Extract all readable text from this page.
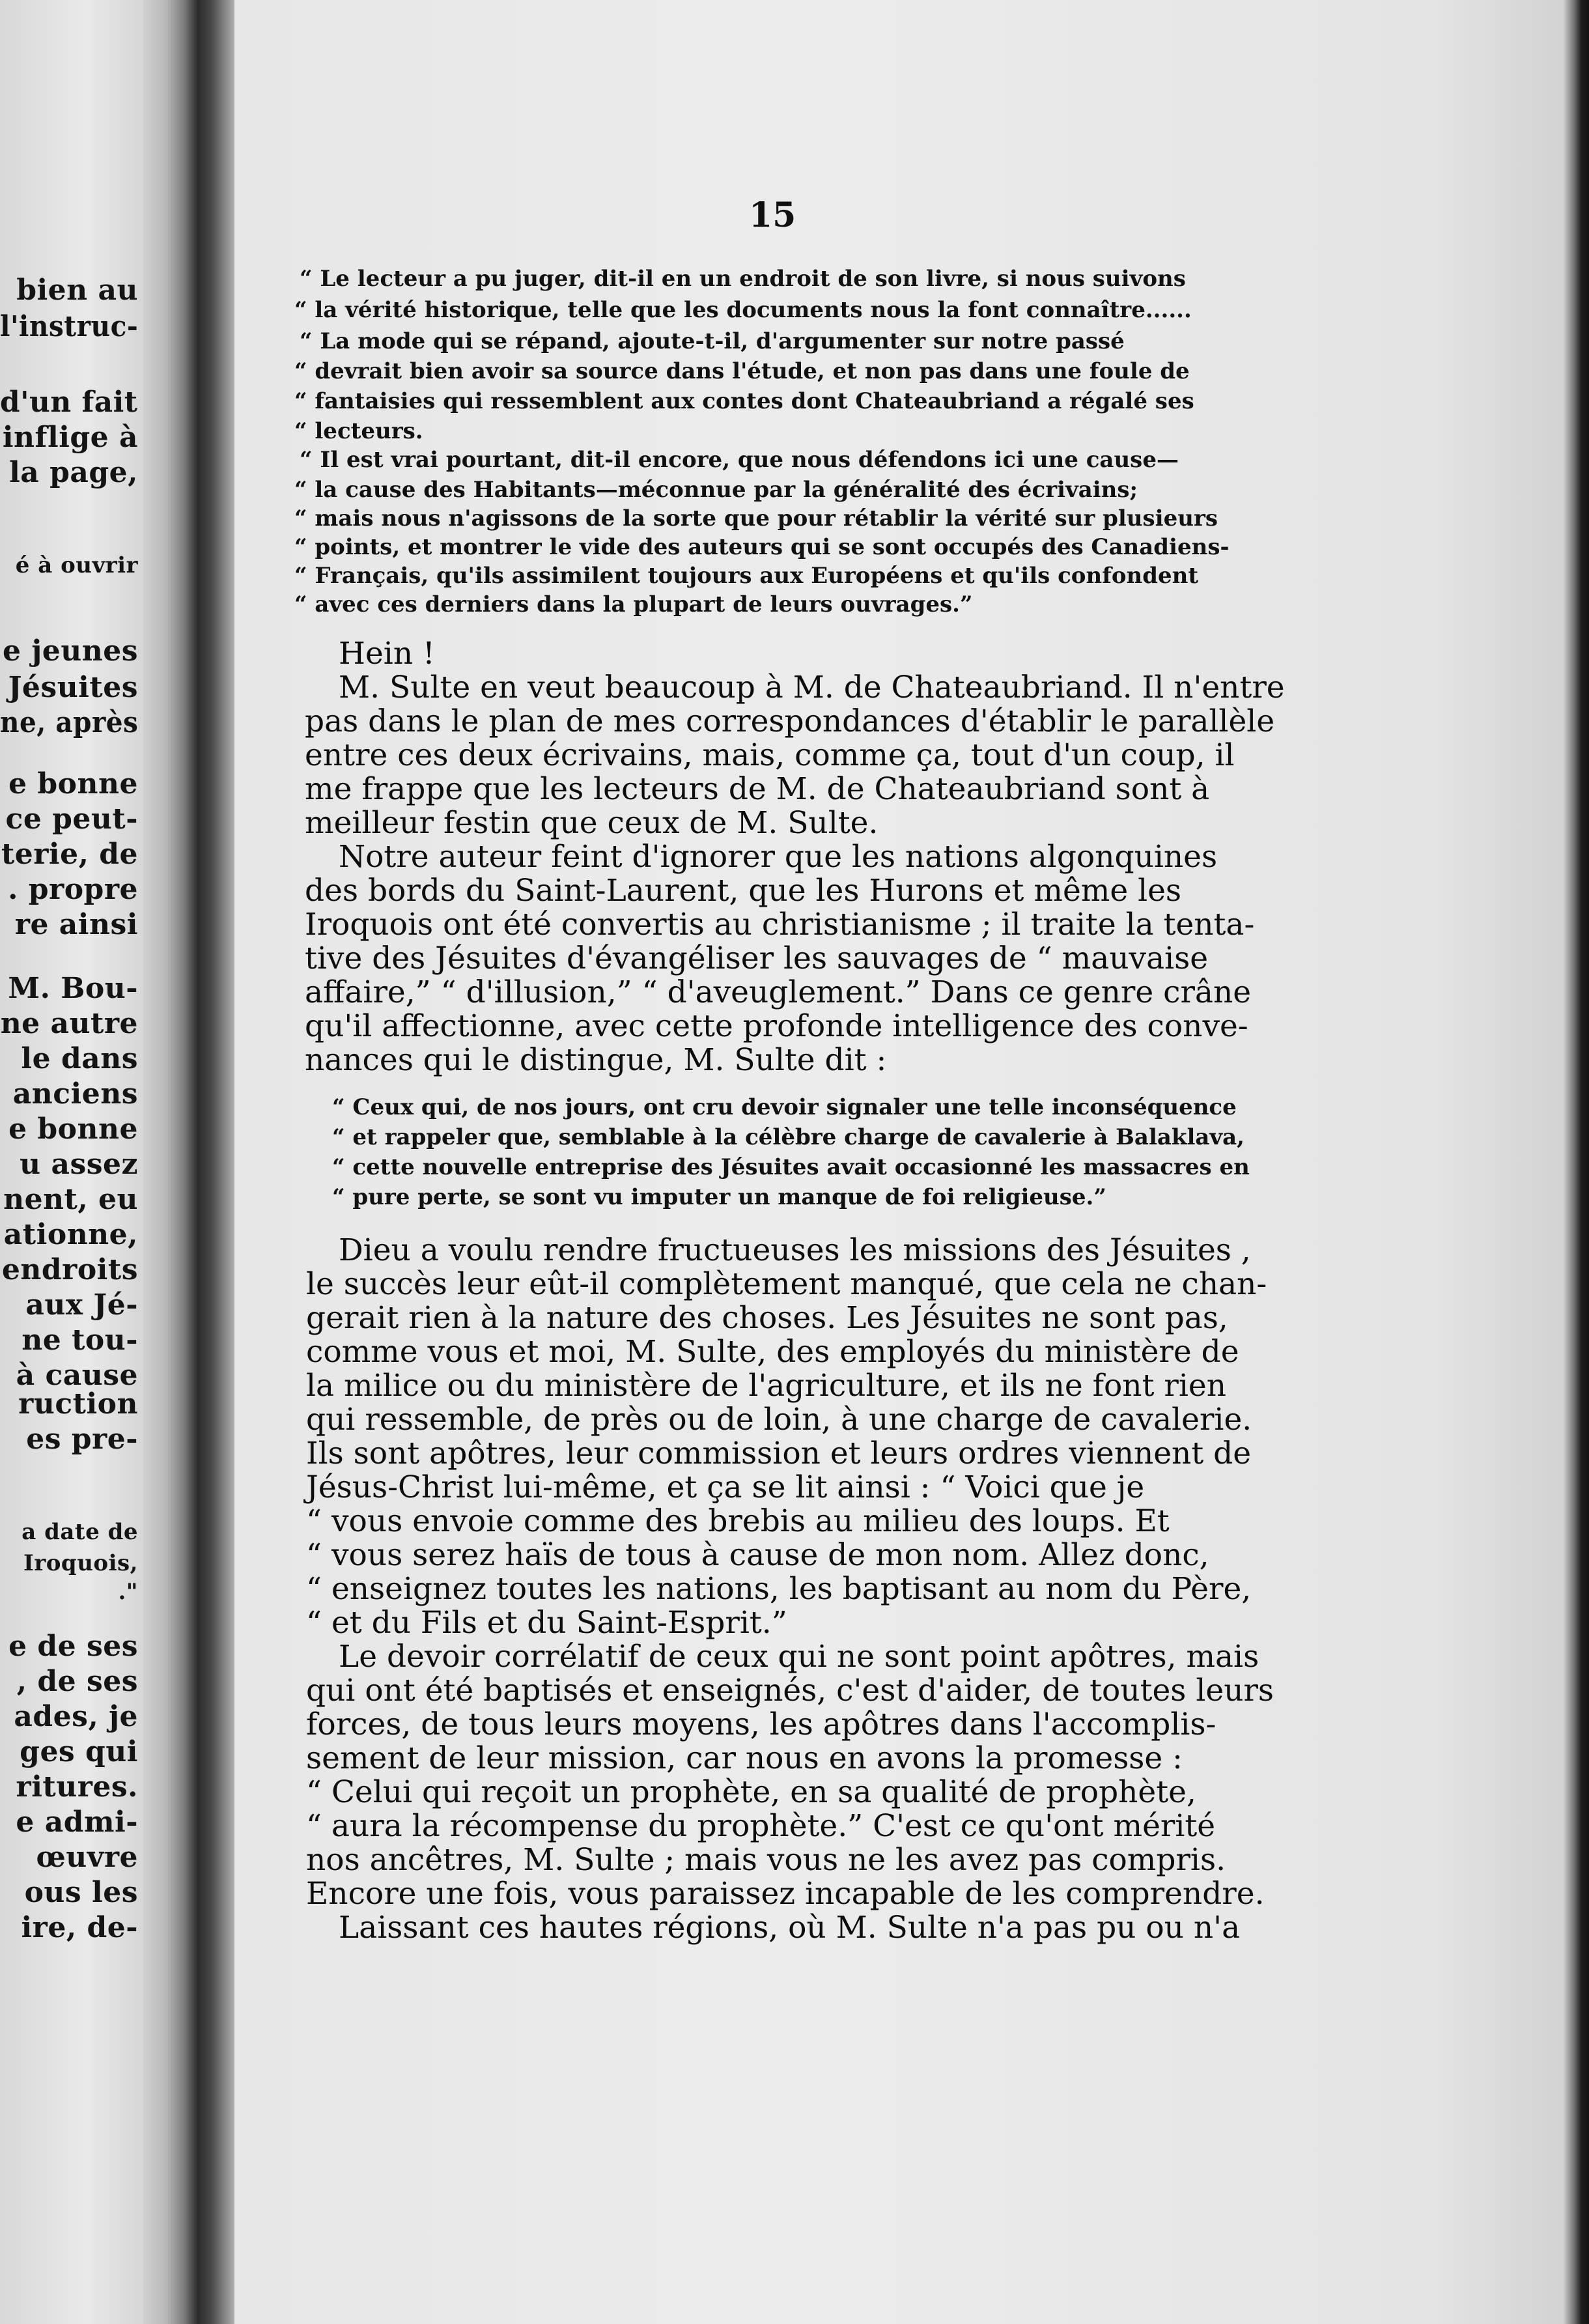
bien au
l'instruc-
d'un fait
inflige à
la page,
é à ouvrir
e jeunes
Jésuites
ne, après
e bonne
ce peut-
terie, de
. propre
re ainsi
M. Bou-
ne autre
le dans
anciens
e bonne
u assez
nent, eu
ationne,
endroits
aux Jé-
ne tou-
à cause
ruction
es pre-
a date de
Iroquois,
."
e de ses
, de ses
ades, je
ges qui
ritures.
e admi-
œuvre
ous les
ire, de-
15
“ Le lecteur a pu juger, dit-il en un endroit de son livre, si nous suivons
“ la vérité historique, telle que les documents nous la font connaître......
“ La mode qui se répand, ajoute-t-il, d'argumenter sur notre passé
“ devrait bien avoir sa source dans l'étude, et non pas dans une foule de
“ fantaisies qui ressemblent aux contes dont Chateaubriand a régalé ses
“ lecteurs.
“ Il est vrai pourtant, dit-il encore, que nous défendons ici une cause—
“ la cause des Habitants—méconnue par la généralité des écrivains;
“ mais nous n'agissons de la sorte que pour rétablir la vérité sur plusieurs
“ points, et montrer le vide des auteurs qui se sont occupés des Canadiens-
“ Français, qu'ils assimilent toujours aux Européens et qu'ils confondent
“ avec ces derniers dans la plupart de leurs ouvrages.”
Hein !
M. Sulte en veut beaucoup à M. de Chateaubriand. Il n'entre
pas dans le plan de mes correspondances d'établir le parallèle
entre ces deux écrivains, mais, comme ça, tout d'un coup, il
me frappe que les lecteurs de M. de Chateaubriand sont à
meilleur festin que ceux de M. Sulte.
Notre auteur feint d'ignorer que les nations algonquines
des bords du Saint-Laurent, que les Hurons et même les
Iroquois ont été convertis au christianisme ; il traite la tenta-
tive des Jésuites d'évangéliser les sauvages de “ mauvaise
affaire,” “ d'illusion,” “ d'aveuglement.” Dans ce genre crâne
qu'il affectionne, avec cette profonde intelligence des conve-
nances qui le distingue, M. Sulte dit :
“ Ceux qui, de nos jours, ont cru devoir signaler une telle inconséquence
“ et rappeler que, semblable à la célèbre charge de cavalerie à Balaklava,
“ cette nouvelle entreprise des Jésuites avait occasionné les massacres en
“ pure perte, se sont vu imputer un manque de foi religieuse.”
Dieu a voulu rendre fructueuses les missions des Jésuites ,
le succès leur eût-il complètement manqué, que cela ne chan-
gerait rien à la nature des choses. Les Jésuites ne sont pas,
comme vous et moi, M. Sulte, des employés du ministère de
la milice ou du ministère de l'agriculture, et ils ne font rien
qui ressemble, de près ou de loin, à une charge de cavalerie.
Ils sont apôtres, leur commission et leurs ordres viennent de
Jésus-Christ lui-même, et ça se lit ainsi : “ Voici que je
“ vous envoie comme des brebis au milieu des loups. Et
“ vous serez haïs de tous à cause de mon nom. Allez donc,
“ enseignez toutes les nations, les baptisant au nom du Père,
“ et du Fils et du Saint-Esprit.”
Le devoir corrélatif de ceux qui ne sont point apôtres, mais
qui ont été baptisés et enseignés, c'est d'aider, de toutes leurs
forces, de tous leurs moyens, les apôtres dans l'accomplis-
sement de leur mission, car nous en avons la promesse :
“ Celui qui reçoit un prophète, en sa qualité de prophète,
“ aura la récompense du prophète.” C'est ce qu'ont mérité
nos ancêtres, M. Sulte ; mais vous ne les avez pas compris.
Encore une fois, vous paraissez incapable de les comprendre.
Laissant ces hautes régions, où M. Sulte n'a pas pu ou n'a
